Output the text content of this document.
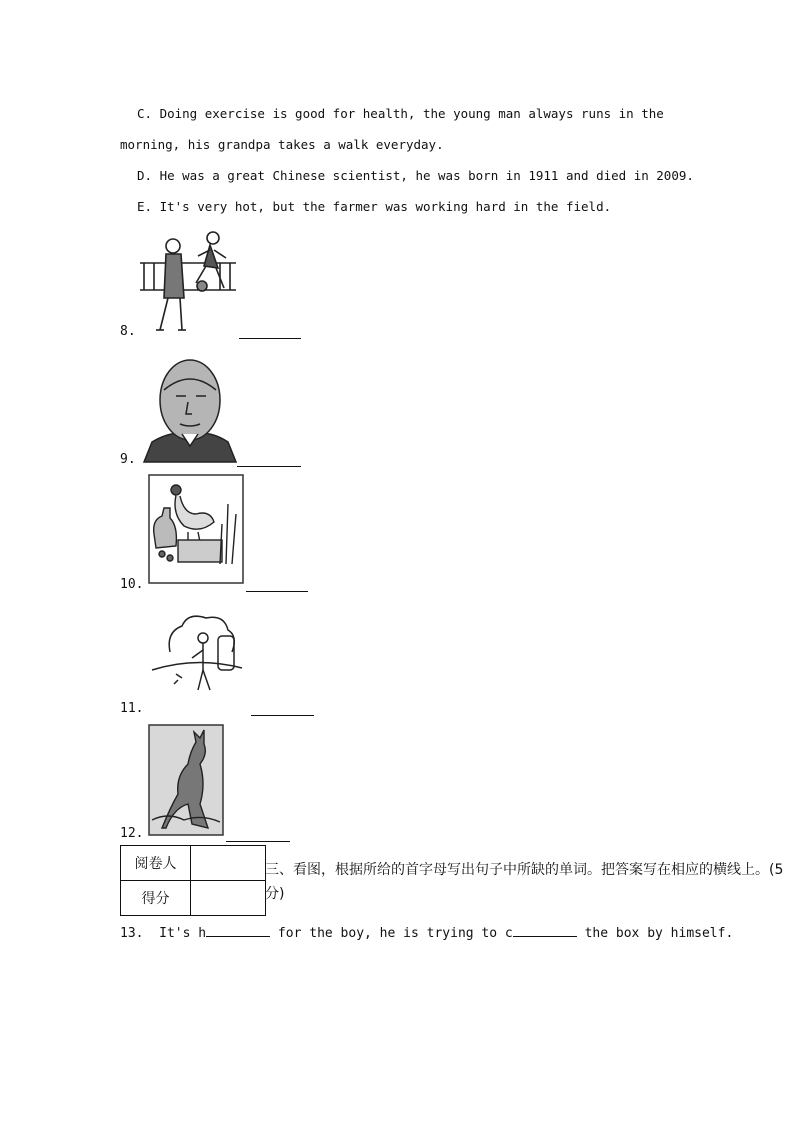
C. Doing exercise is good for health, the young man always runs in the
morning, his grandpa takes a walk everyday.
D. He was a great Chinese scientist, he was born in 1911 and died in 2009.
E. It's very hot, but the farmer was working hard in the field.
8.
9.
10.
11.
12.
阅卷人	
得分	
三、看图，根据所给的首字母写出句子中所缺的单词。把答案写在相应的横线上。(5分)
13. It's h	for the boy, he is trying to c	the box by himself.
